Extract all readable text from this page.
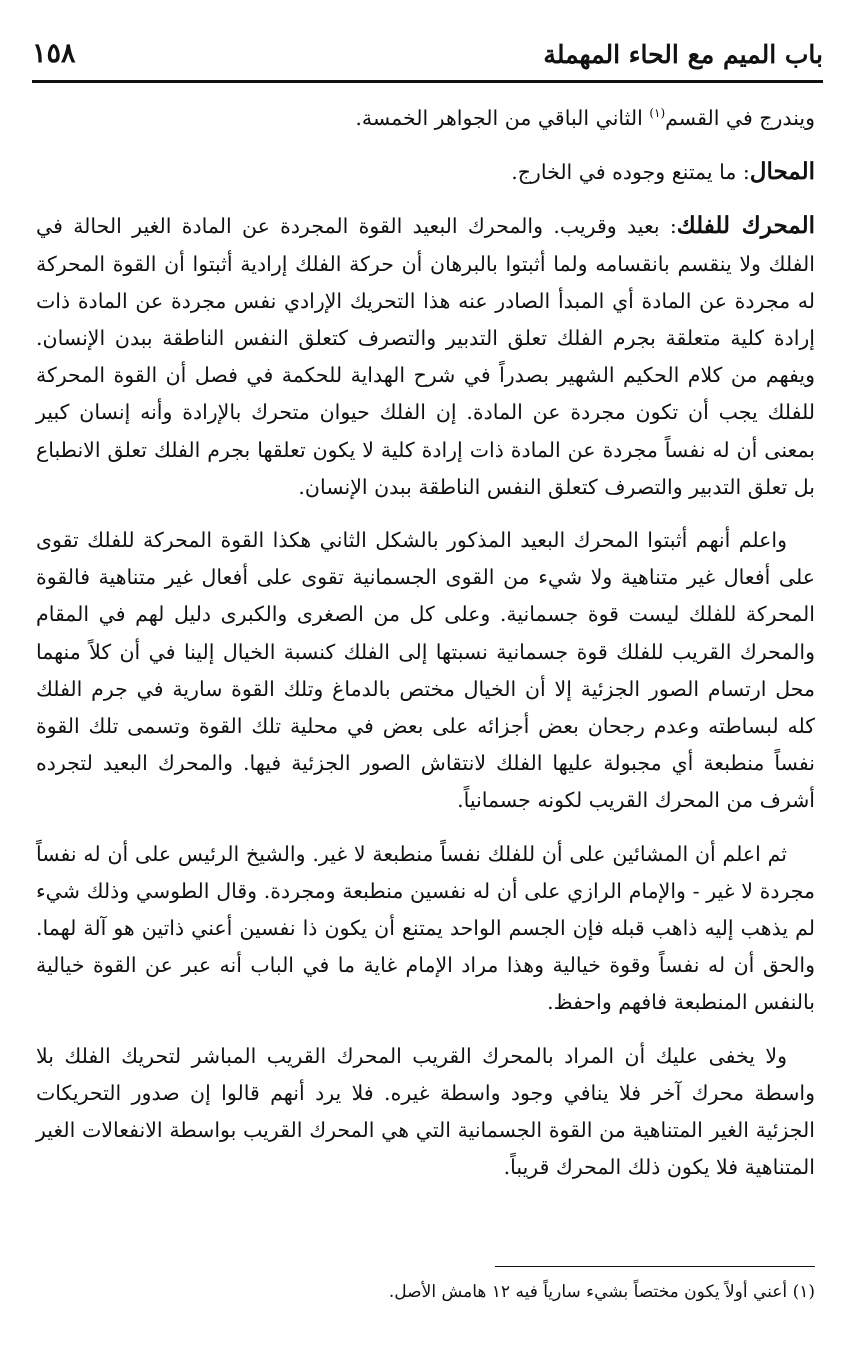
باب الميم مع الحاء المهملة
١٥٨

ويندرج في القسم$^{(١)}$ الثاني الباقي من الجواهر الخمسة.

المحال: ما يمتنع وجوده في الخارج.

المحرك للفلك: بعيد وقريب. والمحرك البعيد القوة المجردة عن المادة الغير الحالة في الفلك ولا ينقسم بانقسامه ولما أثبتوا بالبرهان أن حركة الفلك إرادية أثبتوا أن القوة المحركة له مجردة عن المادة أي المبدأ الصادر عنه هذا التحريك الإرادي نفس مجردة عن المادة ذات إرادة كلية متعلقة بجرم الفلك تعلق التدبير والتصرف كتعلق النفس الناطقة ببدن الإنسان. ويفهم من كلام الحكيم الشهير بصدراً في شرح الهداية للحكمة في فصل أن القوة المحركة للفلك يجب أن تكون مجردة عن المادة. إن الفلك حيوان متحرك بالإرادة وأنه إنسان كبير بمعنى أن له نفساً مجردة عن المادة ذات إرادة كلية لا يكون تعلقها بجرم الفلك تعلق الانطباع بل تعلق التدبير والتصرف كتعلق النفس الناطقة ببدن الإنسان.

واعلم أنهم أثبتوا المحرك البعيد المذكور بالشكل الثاني هكذا القوة المحركة للفلك تقوى على أفعال غير متناهية ولا شيء من القوى الجسمانية تقوى على أفعال غير متناهية فالقوة المحركة للفلك ليست قوة جسمانية. وعلى كل من الصغرى والكبرى دليل لهم في المقام والمحرك القريب للفلك قوة جسمانية نسبتها إلى الفلك كنسبة الخيال إلينا في أن كلاً منهما محل ارتسام الصور الجزئية إلا أن الخيال مختص بالدماغ وتلك القوة سارية في جرم الفلك كله لبساطته وعدم رجحان بعض أجزائه على بعض في محلية تلك القوة وتسمى تلك القوة نفساً منطبعة أي مجبولة عليها الفلك لانتقاش الصور الجزئية فيها. والمحرك البعيد لتجرده أشرف من المحرك القريب لكونه جسمانياً.

ثم اعلم أن المشائين على أن للفلك نفساً منطبعة لا غير. والشيخ الرئيس على أن له نفساً مجردة لا غير - والإمام الرازي على أن له نفسين منطبعة ومجردة. وقال الطوسي وذلك شيء لم يذهب إليه ذاهب قبله فإن الجسم الواحد يمتنع أن يكون ذا نفسين أعني ذاتين هو آلة لهما. والحق أن له نفساً وقوة خيالية وهذا مراد الإمام غاية ما في الباب أنه عبر عن القوة خيالية بالنفس المنطبعة فافهم واحفظ.

ولا يخفى عليك أن المراد بالمحرك القريب المحرك القريب المباشر لتحريك الفلك بلا واسطة محرك آخر فلا ينافي وجود واسطة غيره. فلا يرد أنهم قالوا إن صدور التحريكات الجزئية الغير المتناهية من القوة الجسمانية التي هي المحرك القريب بواسطة الانفعالات الغير المتناهية فلا يكون ذلك المحرك قريباً.

(١) أعني أولاً يكون مختصاً بشيء سارياً فيه ١٢ هامش الأصل.
